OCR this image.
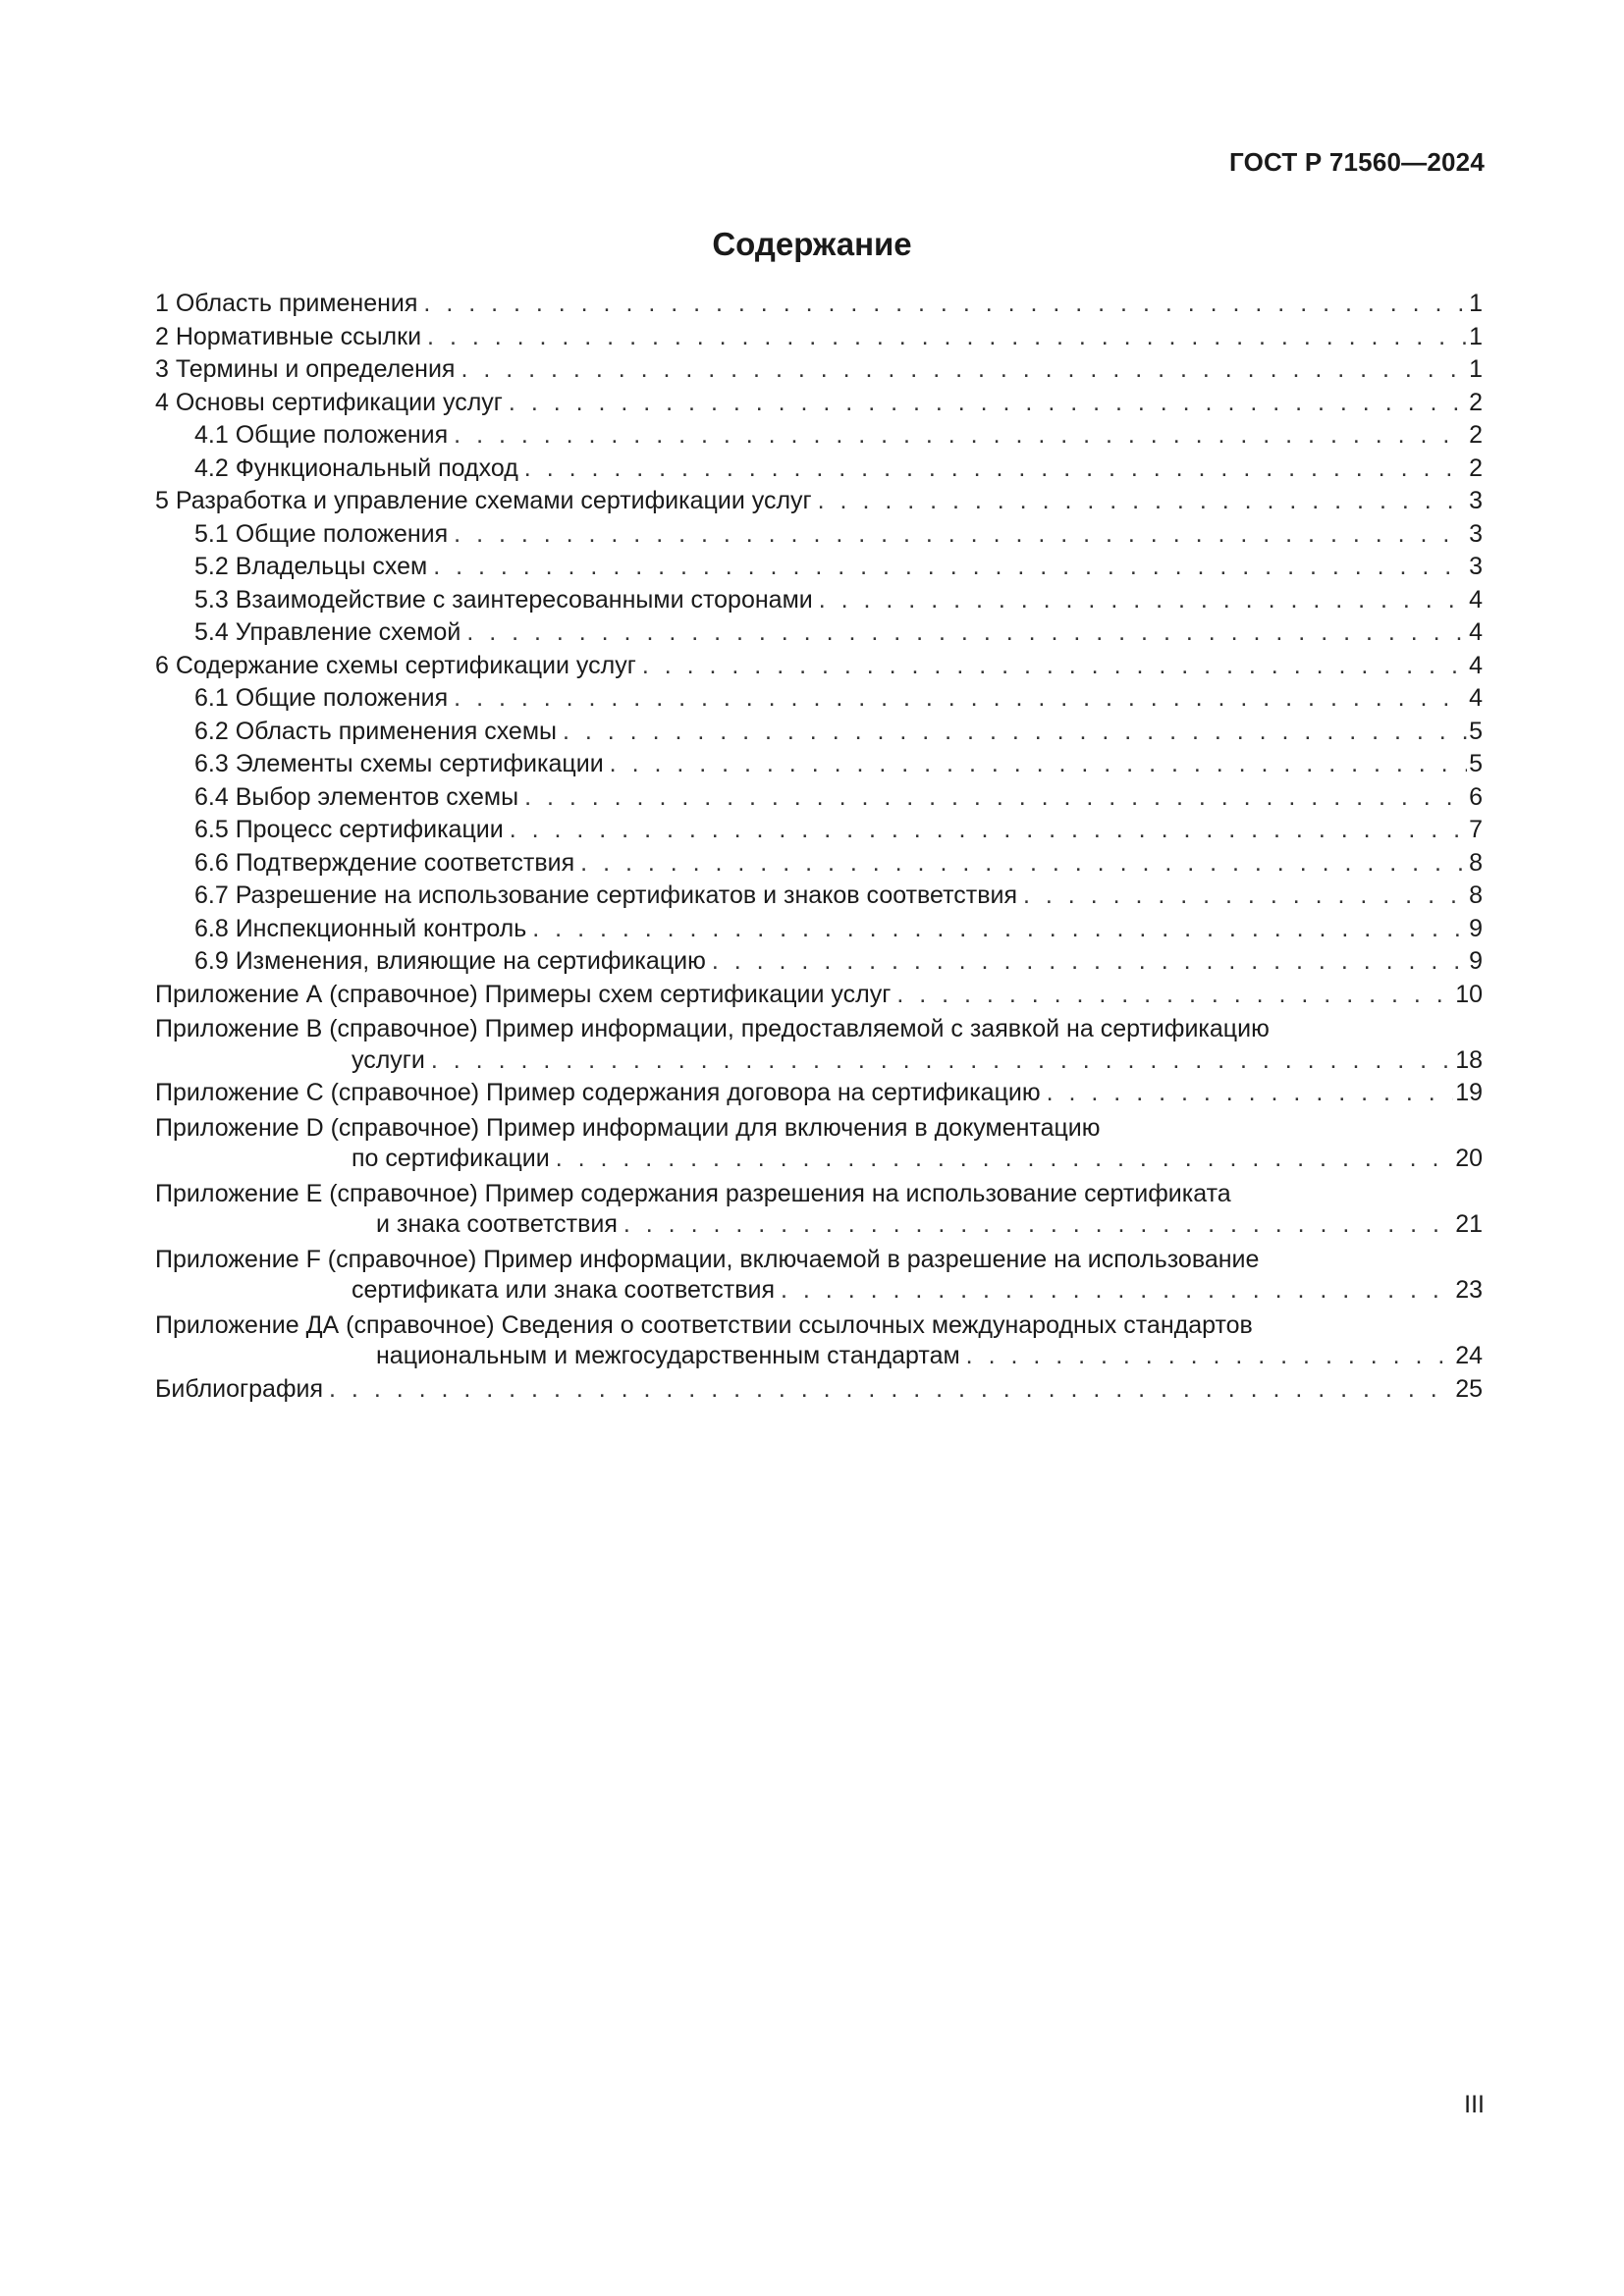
ГОСТ Р 71560—2024
Содержание
1 Область применения . . .	1
2 Нормативные ссылки . . .	1
3 Термины и определения . . .	1
4 Основы сертификации услуг . . .	2
4.1 Общие положения . . .	2
4.2 Функциональный подход . . .	2
5 Разработка и управление схемами сертификации услуг . . .	3
5.1 Общие положения . . .	3
5.2 Владельцы схем . . .	3
5.3 Взаимодействие с заинтересованными сторонами . . .	4
5.4 Управление схемой . . .	4
6 Содержание схемы сертификации услуг . . .	4
6.1 Общие положения . . .	4
6.2 Область применения схемы . . .	5
6.3 Элементы схемы сертификации . . .	5
6.4 Выбор элементов схемы . . .	6
6.5 Процесс сертификации . . .	7
6.6 Подтверждение соответствия . . .	8
6.7 Разрешение на использование сертификатов и знаков соответствия . . .	8
6.8 Инспекционный контроль . . .	9
6.9 Изменения, влияющие на сертификацию . . .	9
Приложение А (справочное) Примеры схем сертификации услуг . . .	10
Приложение В (справочное) Пример информации, предоставляемой с заявкой на сертификацию
услуги . . .	18
Приложение С (справочное) Пример содержания договора на сертификацию . . .	19
Приложение D (справочное) Пример информации для включения в документацию
по сертификации . . .	20
Приложение Е (справочное) Пример содержания разрешения на использование сертификата
и знака соответствия . . .	21
Приложение F (справочное) Пример информации, включаемой в разрешение на использование
сертификата или знака соответствия . . .	23
Приложение ДА (справочное) Сведения о соответствии ссылочных международных стандартов
национальным и межгосударственным стандартам . . .	24
Библиография . . .	25
III
